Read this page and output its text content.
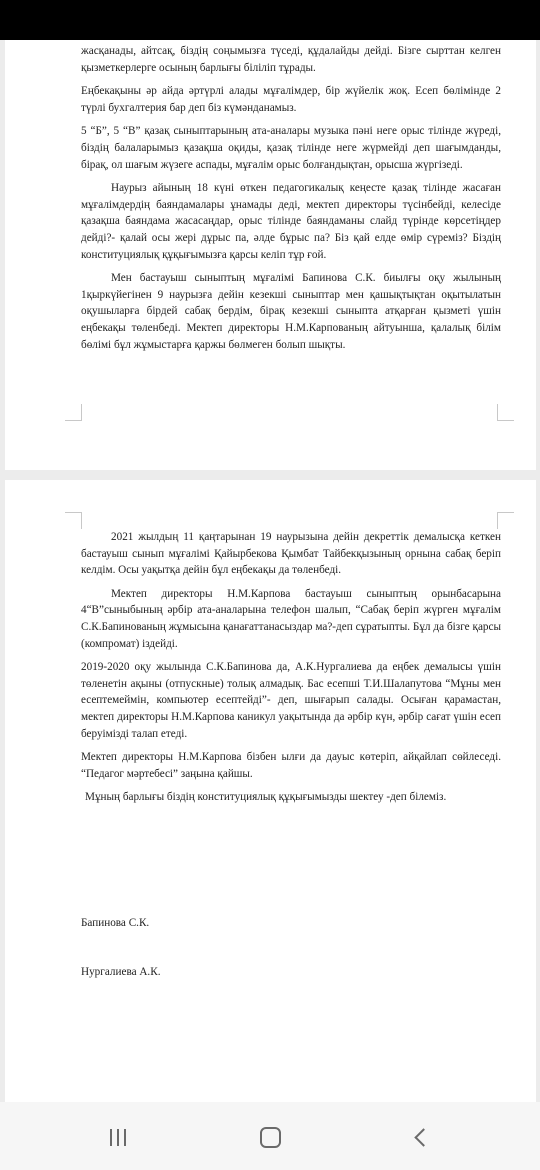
жасқанады, айтсақ, біздің соңымызға түседі, құдалайды дейді. Бізге сырттан келген қызметкерлерге осының барлығы біліліп тұрады.

Еңбекақыны әр айда әртүрлі алады мұғалімдер, бір жүйелік жоқ. Есеп бөлімінде 2 түрлі бухгалтерия бар деп біз күмәнданамыз.

5 “Б”, 5 “В” қазақ сыныптарының ата-аналары музыка пәні неге орыс тілінде жүреді, біздің балаларымыз қазақша оқиды, қазақ тілінде неге жүрмейді деп шағымданды, бірақ, ол шағым жүзеге аспады, мұғалім орыс болғандықтан, орысша жүргізеді.

Наурыз айының 18 күні өткен педагогикалық кеңесте қазақ тілінде жасаған мұғалімдердің баяндамалары ұнамады деді, мектеп директоры түсінбейді, келесіде қазақша баяндама жасасаңдар, орыс тілінде баяндаманы слайд түрінде көрсетіңдер дейді?- қалай осы жері дұрыс па, әлде бұрыс па? Біз қай елде өмір сүреміз? Біздің конституциялық құқығымызға қарсы келіп тұр ғой.

Мен бастауыш сыныптың мұғалімі Бапинова С.К. биылғы оқу жылының 1қыркүйегінен 9 наурызға дейін кезекші сыныптар мен қашықтықтан оқытылатын оқушыларға бірдей сабақ бердім, бірақ кезекші сыныпта атқарған қызметі үшін еңбекақы төленбеді. Мектеп директоры Н.М.Карпованың айтуынша, қалалық білім бөлімі бұл жұмыстарға қаржы бөлмеген болып шықты.

2021 жылдың 11 қаңтарынан 19 наурызына дейін декреттік демалысқа кеткен бастауыш сынып мұғалімі Қайырбекова Қымбат Тайбекқызының орнына сабақ беріп келдім. Осы уақытқа дейін бұл еңбекақы да төленбеді.

Мектеп директоры Н.М.Карпова бастауыш сыныптың орынбасарына 4“В”сыныбының әрбір ата-аналарына телефон шалып, “Сабақ беріп жүрген мұғалім С.К.Бапинованың жұмысына қанағаттанасыздар ма?-деп сұратыпты. Бұл да бізге қарсы (компромат) іздейді.

2019-2020 оқу жылында С.К.Бапинова да, А.К.Нургалиева да еңбек демалысы үшін төленетін ақыны (отпускные) толық алмадық. Бас есепші Т.И.Шалапутова “Мұны мен есептемеймін, компьютер есептейді”- деп, шығарып салады. Осыған қарамастан, мектеп директоры Н.М.Карпова каникул уақытында да әрбір күн, әрбір сағат үшін есеп беруімізді талап етеді.

Мектеп директоры Н.М.Карпова бізбен ылғи да дауыс көтеріп, айқайлап сөйлеседі. “Педагог мәртебесі” заңына қайшы.

Мұның барлығы біздің конституциялық құқығымызды шектеу -деп білеміз.

Бапинова С.К.
Нургалиева А.К.
